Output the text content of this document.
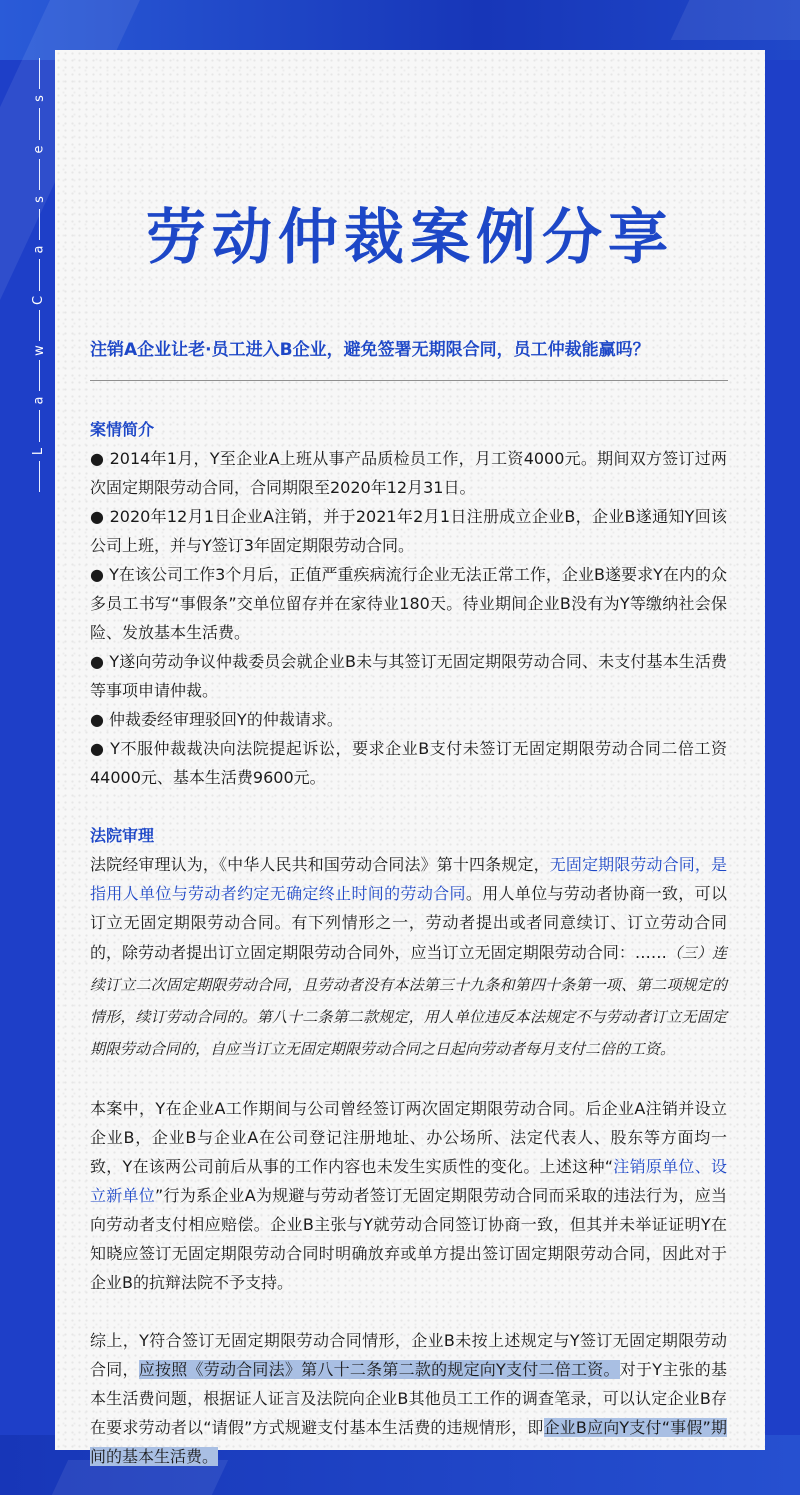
s
e
s
a
C
w
a
L
劳动仲裁案例分享
注销A企业让老·员工进入B企业，避免签署无期限合同，员工仲裁能赢吗？
案情简介

● 2014年1月，Y至企业A上班从事产品质检员工作，月工资4000元。期间双方签订过两次固定期限劳动合同，合同期限至2020年12月31日。

● 2020年12月1日企业A注销，并于2021年2月1日注册成立企业B，企业B遂通知Y回该公司上班，并与Y签订3年固定期限劳动合同。

● Y在该公司工作3个月后，正值严重疾病流行企业无法正常工作，企业B遂要求Y在内的众多员工书写“事假条”交单位留存并在家待业180天。待业期间企业B没有为Y等缴纳社会保险、发放基本生活费。

● Y遂向劳动争议仲裁委员会就企业B未与其签订无固定期限劳动合同、未支付基本生活费等事项申请仲裁。

● 仲裁委经审理驳回Y的仲裁请求。

● Y不服仲裁裁决向法院提起诉讼，要求企业B支付未签订无固定期限劳动合同二倍工资44000元、基本生活费9600元。

法院审理

法院经审理认为，《中华人民共和国劳动合同法》第十四条规定，无固定期限劳动合同，是指用人单位与劳动者约定无确定终止时间的劳动合同。用人单位与劳动者协商一致，可以订立无固定期限劳动合同。有下列情形之一，劳动者提出或者同意续订、订立劳动合同的，除劳动者提出订立固定期限劳动合同外，应当订立无固定期限劳动合同：……（三）连续订立二次固定期限劳动合同，且劳动者没有本法第三十九条和第四十条第一项、第二项规定的情形，续订劳动合同的。第八十二条第二款规定，用人单位违反本法规定不与劳动者订立无固定期限劳动合同的，自应当订立无固定期限劳动合同之日起向劳动者每月支付二倍的工资。

本案中，Y在企业A工作期间与公司曾经签订两次固定期限劳动合同。后企业A注销并设立企业B，企业B与企业A在公司登记注册地址、办公场所、法定代表人、股东等方面均一致，Y在该两公司前后从事的工作内容也未发生实质性的变化。上述这种“注销原单位、设立新单位”行为系企业A为规避与劳动者签订无固定期限劳动合同而采取的违法行为，应当向劳动者支付相应赔偿。企业B主张与Y就劳动合同签订协商一致，但其并未举证证明Y在知晓应签订无固定期限劳动合同时明确放弃或单方提出签订固定期限劳动合同，因此对于企业B的抗辩法院不予支持。

综上，Y符合签订无固定期限劳动合同情形，企业B未按上述规定与Y签订无固定期限劳动合同，应按照《劳动合同法》第八十二条第二款的规定向Y支付二倍工资。对于Y主张的基本生活费问题，根据证人证言及法院向企业B其他员工工作的调查笔录，可以认定企业B存在要求劳动者以“请假”方式规避支付基本生活费的违规情形，即企业B应向Y支付“事假”期间的基本生活费。
